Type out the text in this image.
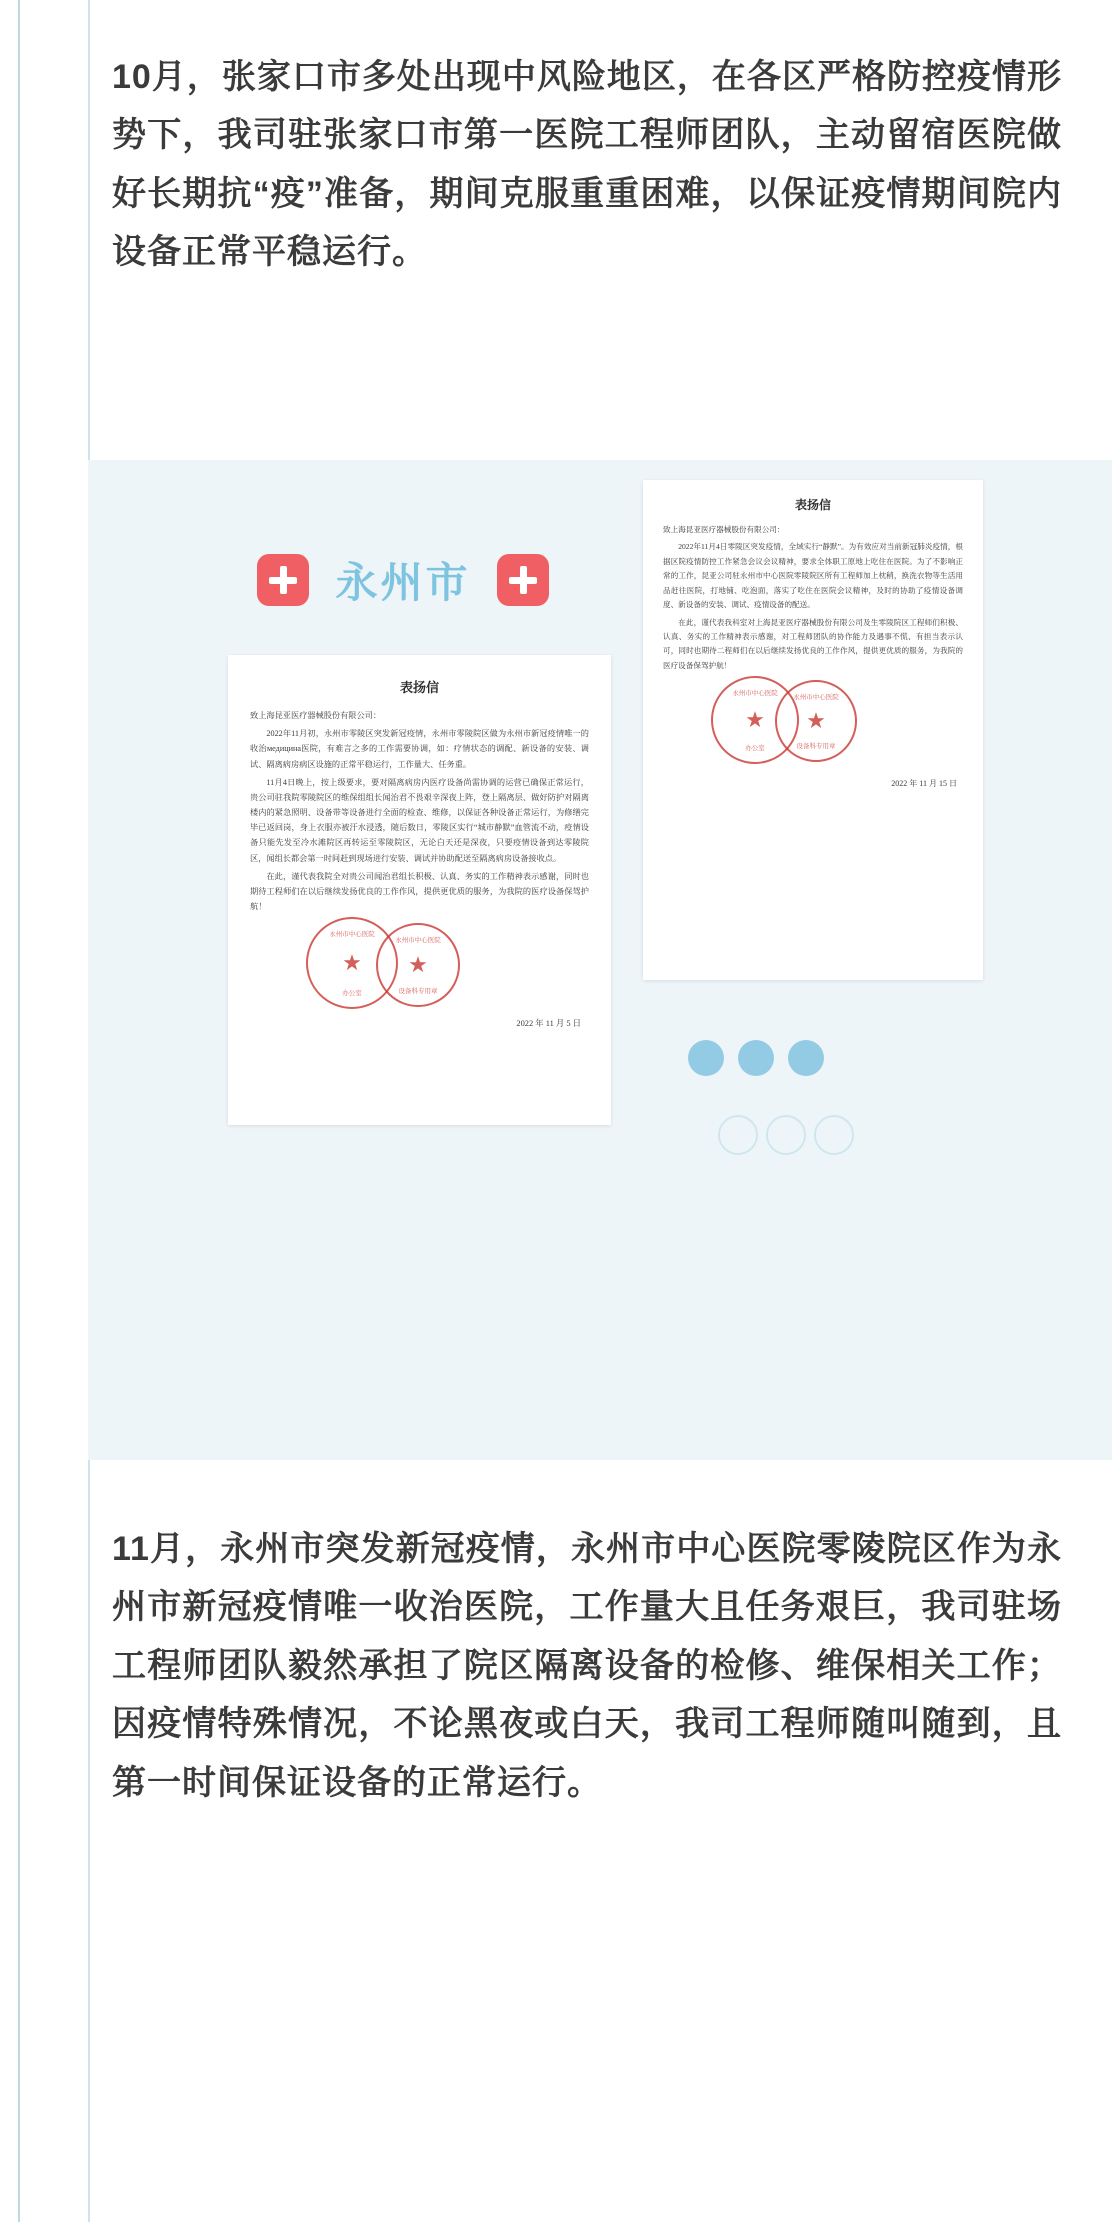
10月，张家口市多处出现中风险地区，在各区严格防控疫情形势下，我司驻张家口市第一医院工程师团队，主动留宿医院做好长期抗“疫”准备，期间克服重重困难，以保证疫情期间院内设备正常平稳运行。
永州市
表扬信

致上海昆亚医疗器械股份有限公司：

2022年11月初，永州市零陵区突发新冠疫情，永州市零陵院区做为永州市新冠疫情唯一的收治медицина医院，有难言之多的工作需要协调，如：疗情状态的调配、新设备的安装、调试、隔离病房病区设施的正常平稳运行，工作量大、任务重。

11月4日晚上，按上级要求，要对隔离病房内医疗设备尚需协调的运营已确保正常运行，贵公司驻我院零陵院区的维保组组长闻治君不畏艰辛深夜上阵，登上隔离层、做好防护对隔离楼内的紧急照明、设备带等设备进行全面的检查、维修，以保证各种设备正常运行，为修缮完毕已返回岗，身上衣服亦被汗水浸透，随后数日，零陵区实行“城市静默”血管流不动，疫情设备只能先发至冷水滩院区再转运至零陵院区，无论白天还是深夜，只要疫情设备到达零陵院区，闻组长都会第一时间赶到现场进行安装、调试并协助配送至隔离病房设备接收点。

在此，谨代表我院全对贵公司闻治君组长积极、认真、务实的工作精神表示感谢，同时也期待工程师们在以后继续发扬优良的工作作风，提供更优质的服务，为我院的医疗设备保驾护航！

永州市中心医院
★
办公室
永州市中心医院
★
设备科专用章
2022 年 11 月 5 日
表扬信

致上海昆亚医疗器械股份有限公司：

2022年11月4日零陵区突发疫情，全域实行“静默”。为有效应对当前新冠肺炎疫情，根据区院疫情防控工作紧急会议会议精神，要求全体职工原地上吃住在医院。为了不影响正常的工作，昆亚公司驻永州市中心医院零陵院区所有工程师加上枕稍，换洗衣物等生活用品赶往医院，打地铺、吃泡面，落实了吃住在医院会议精神，及时的协助了疫情设备调度、新设备的安装、调试、疫情设备的配送。

在此，谨代表我科室对上海昆亚医疗器械股份有限公司及生零陵院区工程师们积极、认真、务实的工作精神表示感谢，对工程师团队的协作能力及遇事不慌、有担当表示认可，同时也期待二程师们在以后继续发扬优良的工作作风，提供更优质的服务，为我院的医疗设备保驾护航！

永州市中心医院
★
办公室
永州市中心医院
★
设备科专用章
2022 年 11 月 15 日
11月，永州市突发新冠疫情，永州市中心医院零陵院区作为永州市新冠疫情唯一收治医院，工作量大且任务艰巨，我司驻场工程师团队毅然承担了院区隔离设备的检修、维保相关工作；因疫情特殊情况，不论黑夜或白天，我司工程师随叫随到，且第一时间保证设备的正常运行。
